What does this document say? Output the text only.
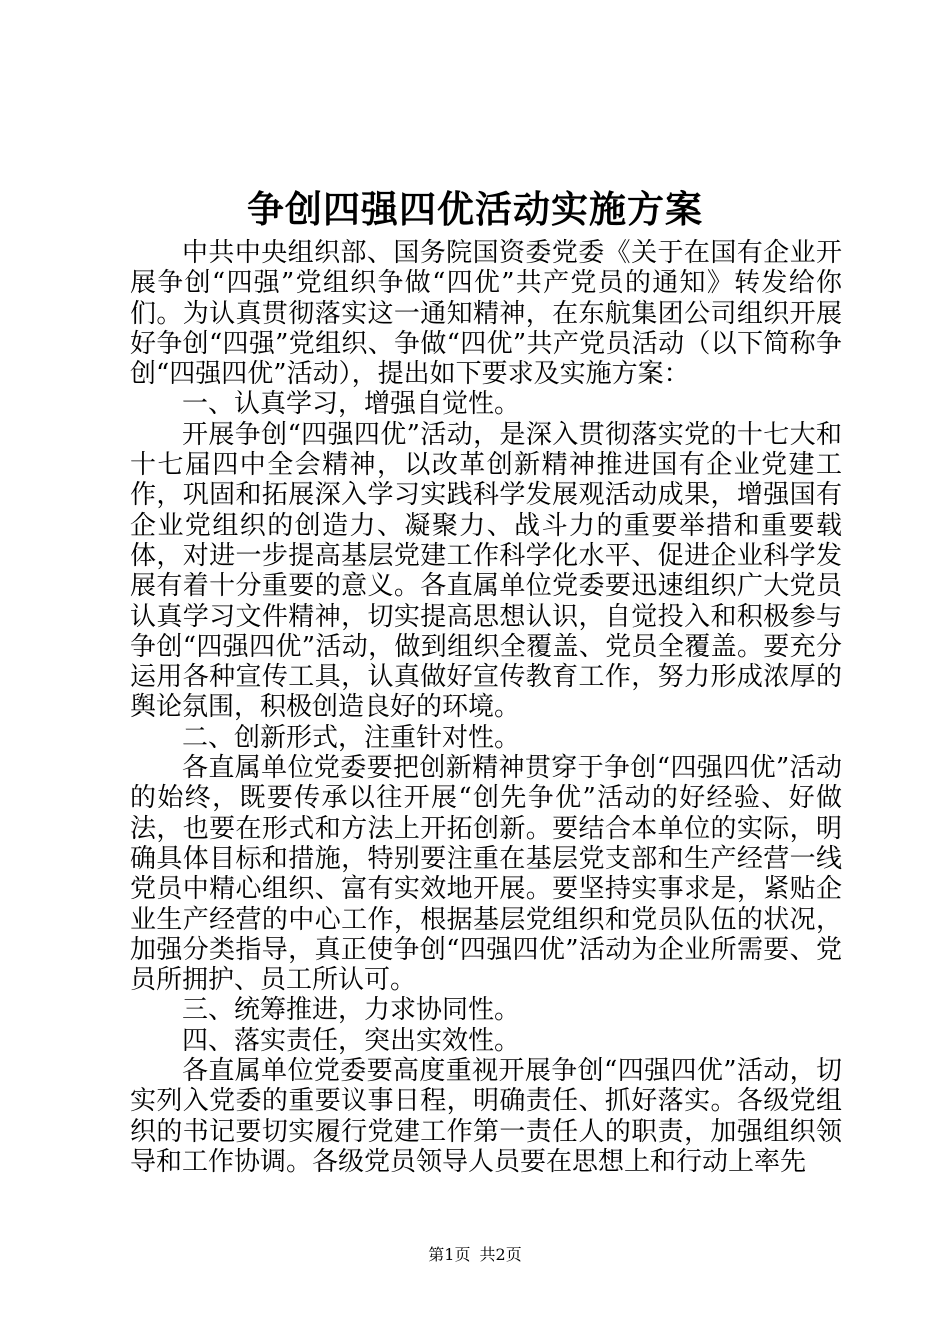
争创四强四优活动实施方案

中共中央组织部、国务院国资委党委《关于在国有企业开展争创“四强”党组织争做“四优”共产党员的通知》转发给你们。为认真贯彻落实这一通知精神，在东航集团公司组织开展好争创“四强”党组织、争做“四优”共产党员活动（以下简称争创“四强四优”活动），提出如下要求及实施方案：

一、认真学习，增强自觉性。

开展争创“四强四优”活动，是深入贯彻落实党的十七大和十七届四中全会精神，以改革创新精神推进国有企业党建工作，巩固和拓展深入学习实践科学发展观活动成果，增强国有企业党组织的创造力、凝聚力、战斗力的重要举措和重要载体，对进一步提高基层党建工作科学化水平、促进企业科学发展有着十分重要的意义。各直属单位党委要迅速组织广大党员认真学习文件精神，切实提高思想认识，自觉投入和积极参与争创“四强四优”活动，做到组织全覆盖、党员全覆盖。要充分运用各种宣传工具，认真做好宣传教育工作，努力形成浓厚的舆论氛围，积极创造良好的环境。

二、创新形式，注重针对性。

各直属单位党委要把创新精神贯穿于争创“四强四优”活动的始终，既要传承以往开展“创先争优”活动的好经验、好做法，也要在形式和方法上开拓创新。要结合本单位的实际，明确具体目标和措施，特别要注重在基层党支部和生产经营一线党员中精心组织、富有实效地开展。要坚持实事求是，紧贴企业生产经营的中心工作，根据基层党组织和党员队伍的状况，加强分类指导，真正使争创“四强四优”活动为企业所需要、党员所拥护、员工所认可。

三、统筹推进，力求协同性。

四、落实责任，突出实效性。

各直属单位党委要高度重视开展争创“四强四优”活动，切实列入党委的重要议事日程，明确责任、抓好落实。各级党组织的书记要切实履行党建工作第一责任人的职责，加强组织领导和工作协调。各级党员领导人员要在思想上和行动上率先

第1页 共2页
